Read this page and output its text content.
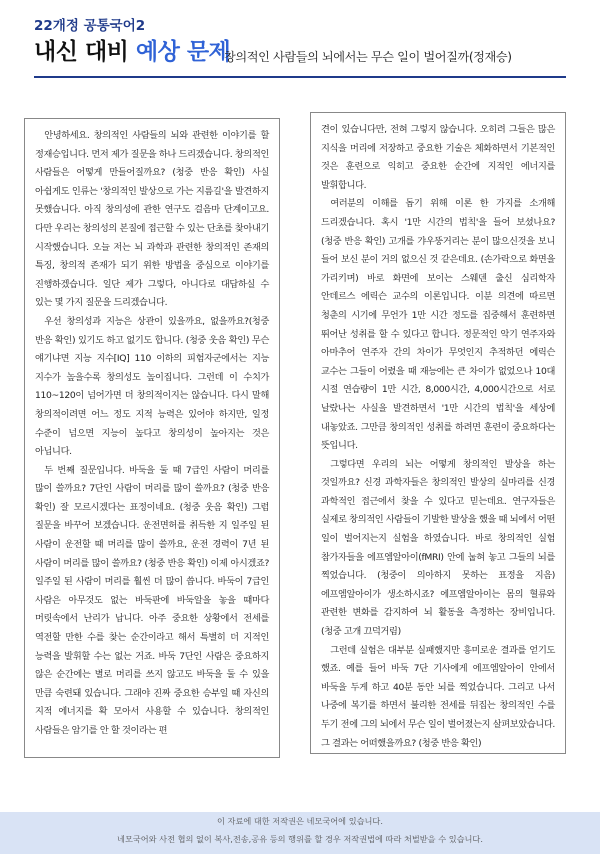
22개정 공통국어2
내신 대비 예상 문제
창의적인 사람들의 뇌에서는 무슨 일이 벌어질까(정재승)

안녕하세요. 창의적인 사람들의 뇌와 관련한 이야기를 할 정재승입니다. 먼저 제가 질문을 하나 드리겠습니다. 창의적인 사람들은 어떻게 만들어질까요? (청중 반응 확인) 사실 아쉽게도 인류는 '창의적인 발상으로 가는 지름길'을 발견하지 못했습니다. 아직 창의성에 관한 연구도 걸음마 단계이고요. 다만 우리는 창의성의 본질에 접근할 수 있는 단초를 찾아내기 시작했습니다. 오늘 저는 뇌 과학과 관련한 창의적인 존재의 특징, 창의적 존재가 되기 위한 방법을 중심으로 이야기를 진행하겠습니다. 일단 제가 그렇다, 아니다로 대답하실 수 있는 몇 가지 질문을 드리겠습니다.

우선 창의성과 지능은 상관이 있을까요, 없을까요?(청중 반응 확인) 있기도 하고 없기도 합니다. (청중 웃음 확인) 무슨 얘기냐면 지능 지수[IQ] 110 이하의 피험자군에서는 지능 지수가 높을수록 창의성도 높이집니다. 그런데 이 수치가 110~120이 넘어가면 더 창의적이지는 않습니다. 다시 말해 창의적이려면 어느 정도 지적 능력은 있어야 하지만, 일정 수준이 넘으면 지능이 높다고 창의성이 높아지는 것은 아닙니다.

두 번째 질문입니다. 바둑을 둘 때 7급인 사람이 머리를 많이 쓸까요? 7단인 사람이 머리를 많이 쓸까요? (청중 반응 확인) 잘 모르시겠다는 표정이네요. (청중 웃음 확인) 그럼 질문을 바꾸어 보겠습니다. 운전면허를 취득한 지 일주일 된 사람이 운전할 때 머리를 많이 쓸까요, 운전 경력이 7년 된 사람이 머리를 많이 쓸까요? (청중 반응 확인) 이제 아시겠죠? 일주일 된 사람이 머리를 훨씬 더 많이 씁니다. 바둑이 7급인 사람은 아무것도 없는 바둑판에 바둑알을 놓을 때마다 머릿속에서 난리가 납니다. 아주 중요한 상황에서 전세를 역전할 만한 수를 찾는 순간이라고 해서 특별히 더 지적인 능력을 발휘할 수는 없는 거죠. 바둑 7단인 사람은 중요하지 않은 순간에는 별로 머리를 쓰지 않고도 바둑을 둘 수 있을 만큼 숙련돼 있습니다. 그래야 진짜 중요한 승부일 때 자신의 지적 에너지를 확 모아서 사용할 수 있습니다. 창의적인 사람들은 암기를 안 할 것이라는 편

견이 있습니다만, 전혀 그렇지 않습니다. 오히려 그들은 많은 지식을 머리에 저장하고 중요한 기술은 체화하면서 기본적인 것은 훈련으로 익히고 중요한 순간에 지적인 에너지를 발휘합니다.

여러분의 이해를 돕기 위해 이론 한 가지를 소개해 드리겠습니다. 혹시 '1만 시간의 법칙'을 들어 보셨나요? (청중 반응 확인) 고개를 갸우뚱거리는 분이 많으신것을 보니 들어 보신 분이 거의 없으신 것 같은데요. (손가락으로 화면을 가리키며) 바로 화면에 보이는 스웨덴 출신 심리학자 안데르스 에릭슨 교수의 이론입니다. 이분 의견에 따르면 청춘의 시기에 무언가 1만 시간 정도를 집중해서 훈련하면 뛰어난 성취를 할 수 있다고 합니다. 정문적인 악기 연주자와 아마추어 연주자 간의 차이가 무엇인지 추적하던 에릭슨 교수는 그들이 어렸을 때 재능에는 큰 차이가 없었으나 10대 시절 연습량이 1만 시간, 8,000시간, 4,000시간으로 서로 날랐나는 사실을 발견하면서 '1만 시간의 법칙'을 세상에 내놓았죠. 그만큼 창의적인 성취를 하려면 훈련이 중요하다는 뜻입니다.

그렇다면 우리의 뇌는 어떻게 창의적인 발상을 하는 것일까요? 신경 과학자들은 창의적인 발상의 실마리를 신경 과학적인 접근에서 찾을 수 있다고 믿는데요. 연구자들은 실제로 창의적인 사람들이 기발한 발상을 했을 때 뇌에서 어떤 일이 벌어지는지 실험을 하였습니다. 바로 창의적인 실험 참가자들을 에프엠알아이(fMRI) 안에 눕혀 놓고 그들의 뇌를 찍었습니다. (청중이 의아하지 못하는 표정을 지음) 에프엠알아이가 생소하시죠? 에프엠알아이는 몸의 혈류와 관련한 변화를 감지하여 뇌 활동을 측정하는 장비입니다. (청중 고개 끄덕거림)

그런데 실험은 대부분 실패했지만 흥미로운 결과를 얻기도 했죠. 예를 들어 바둑 7단 기사에게 에프엠알아이 안에서 바둑을 두게 하고 40분 동안 뇌를 찍었습니다. 그리고 나서 나중에 복기를 하면서 불리한 전세를 뒤집는 창의적인 수를 두기 전에 그의 뇌에서 무슨 일이 벌어졌는지 살펴보았습니다. 그 결과는 어떠했을까요? (청중 반응 확인)

이 자료에 대한 저작권은 네모국어에 있습니다.
네모국어와 사전 협의 없이 복사,전송,공유 등의 행위를 할 경우 저작권법에 따라 처벌받을 수 있습니다.
